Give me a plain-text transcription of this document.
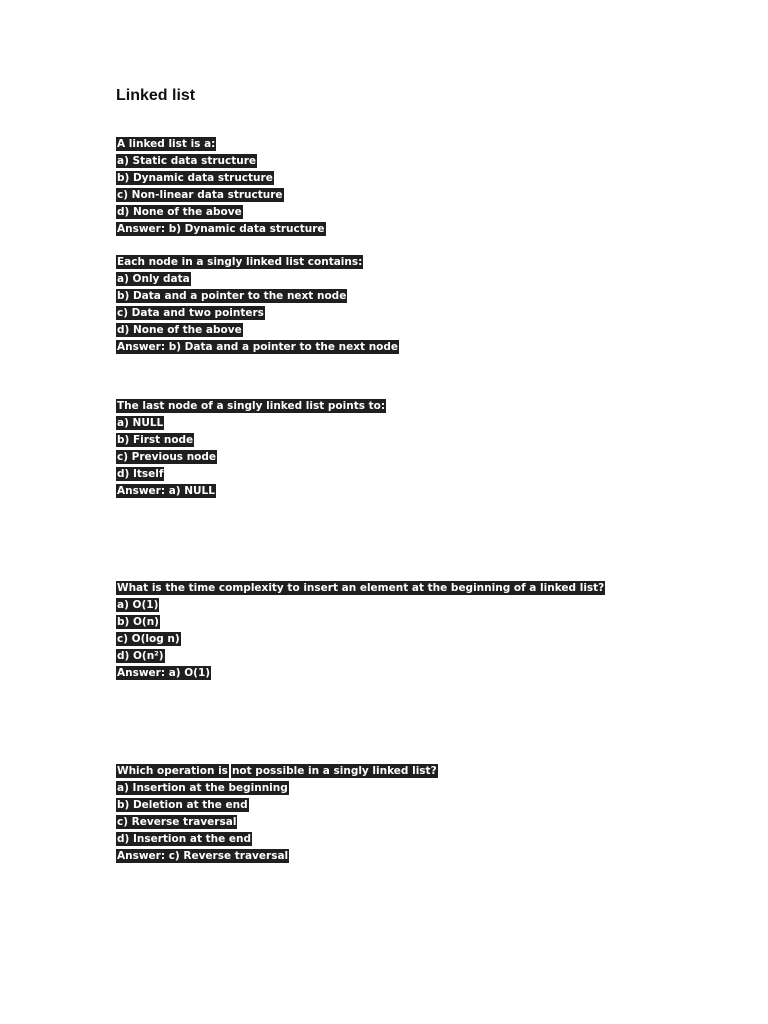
Linked list
A linked list is a:
a) Static data structure
b) Dynamic data structure
c) Non-linear data structure
d) None of the above
Answer: b) Dynamic data structure
Each node in a singly linked list contains:
a) Only data
b) Data and a pointer to the next node
c) Data and two pointers
d) None of the above
Answer: b) Data and a pointer to the next node
The last node of a singly linked list points to:
a) NULL
b) First node
c) Previous node
d) Itself
Answer: a) NULL
What is the time complexity to insert an element at the beginning of a linked list?
a) O(1)
b) O(n)
c) O(log n)
d) O(n²)
Answer: a) O(1)
Which operation is not possible in a singly linked list?
a) Insertion at the beginning
b) Deletion at the end
c) Reverse traversal
d) Insertion at the end
Answer: c) Reverse traversal
